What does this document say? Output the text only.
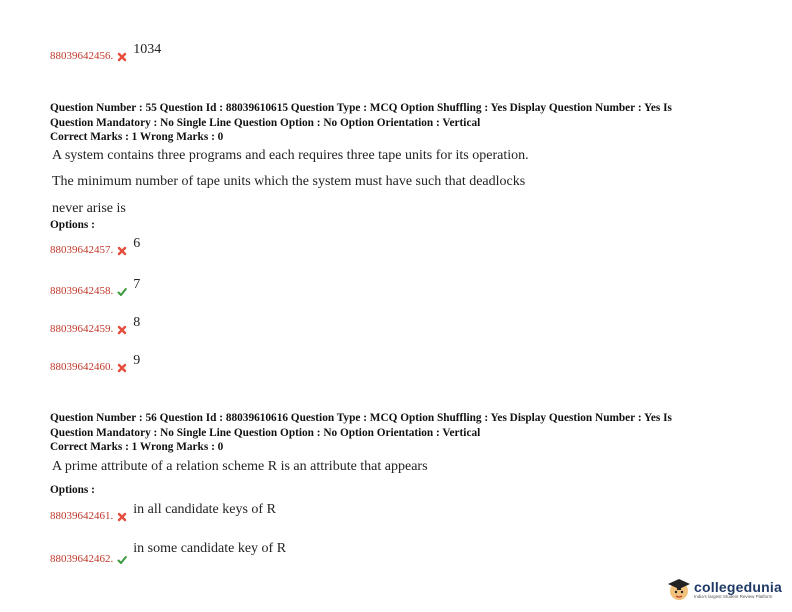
88039642456. 1034
Question Number : 55 Question Id : 88039610615 Question Type : MCQ Option Shuffling : Yes Display Question Number : Yes Is
Question Mandatory : No Single Line Question Option : No Option Orientation : Vertical
Correct Marks : 1 Wrong Marks : 0
A system contains three programs and each requires three tape units for its operation.
The minimum number of tape units which the system must have such that deadlocks
never arise is
Options :
88039642457. 6
88039642458. 7
88039642459. 8
88039642460. 9
Question Number : 56 Question Id : 88039610616 Question Type : MCQ Option Shuffling : Yes Display Question Number : Yes Is
Question Mandatory : No Single Line Question Option : No Option Orientation : Vertical
Correct Marks : 1 Wrong Marks : 0
A prime attribute of a relation scheme R is an attribute that appears
Options :
88039642461. in all candidate keys of R
88039642462.
in some candidate key of R
collegedunia
India's largest Student Review Platform
